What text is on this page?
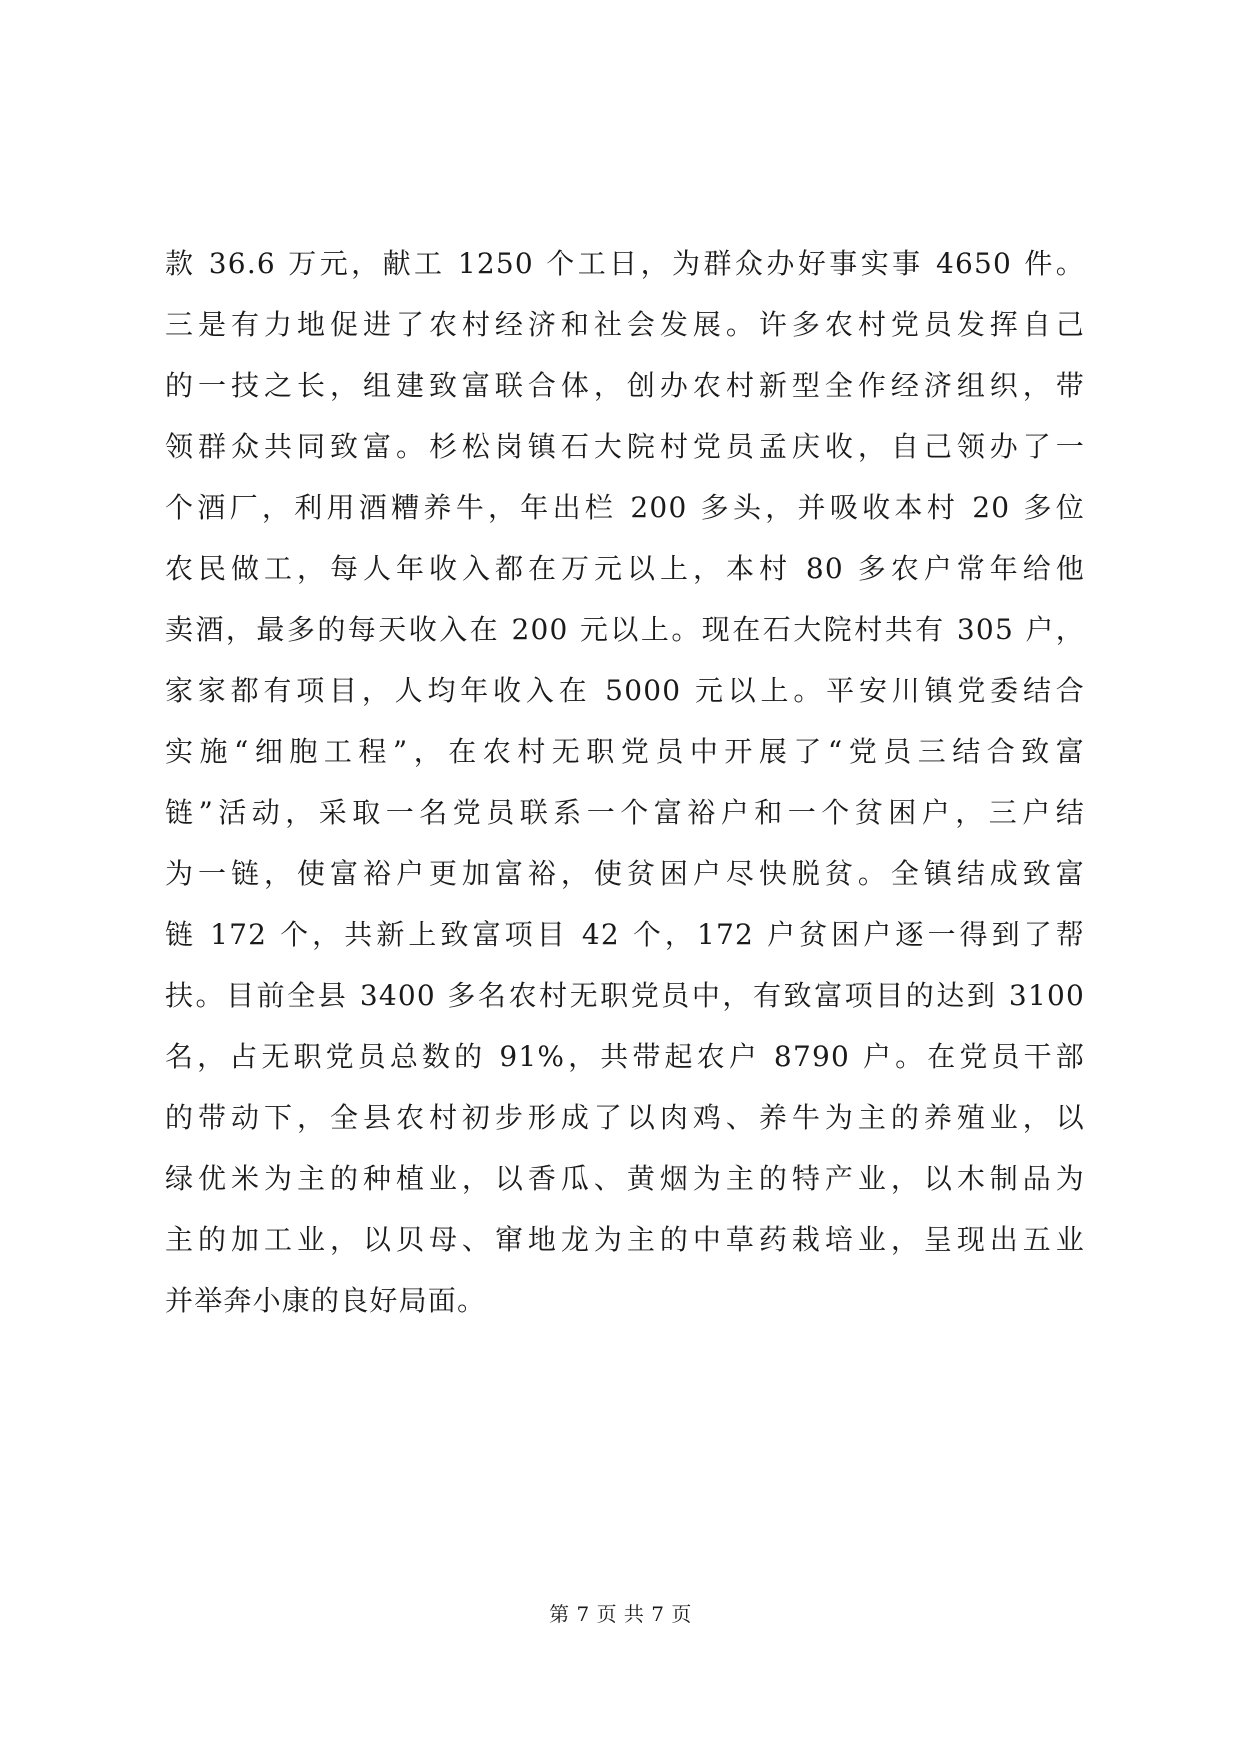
款 36.6 万元，献工 1250 个工日，为群众办好事实事 4650 件。
三是有力地促进了农村经济和社会发展。许多农村党员发挥自己
的一技之长，组建致富联合体，创办农村新型全作经济组织，带
领群众共同致富。杉松岗镇石大院村党员孟庆收，自己领办了一
个酒厂，利用酒糟养牛，年出栏 200 多头，并吸收本村 20 多位
农民做工，每人年收入都在万元以上，本村 80 多农户常年给他
卖酒，最多的每天收入在 200 元以上。现在石大院村共有 305 户，
家家都有项目，人均年收入在 5000 元以上。平安川镇党委结合
实施“细胞工程”，在农村无职党员中开展了“党员三结合致富
链”活动，采取一名党员联系一个富裕户和一个贫困户，三户结
为一链，使富裕户更加富裕，使贫困户尽快脱贫。全镇结成致富
链 172 个，共新上致富项目 42 个，172 户贫困户逐一得到了帮
扶。目前全县 3400 多名农村无职党员中，有致富项目的达到 3100
名，占无职党员总数的 91%，共带起农户 8790 户。在党员干部
的带动下，全县农村初步形成了以肉鸡、养牛为主的养殖业，以
绿优米为主的种植业，以香瓜、黄烟为主的特产业，以木制品为
主的加工业，以贝母、窜地龙为主的中草药栽培业，呈现出五业
并举奔小康的良好局面。
第 7 页 共 7 页
